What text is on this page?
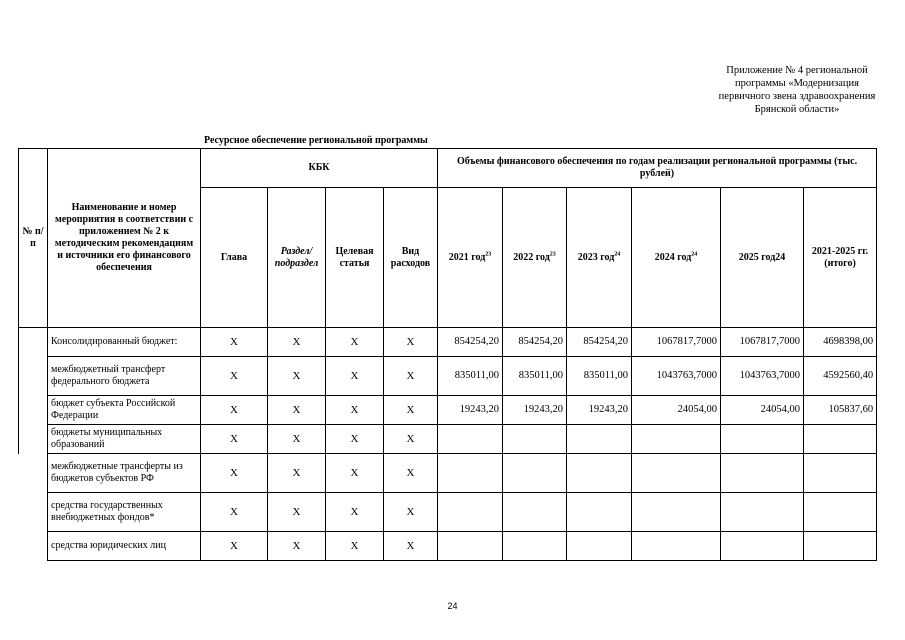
Приложение № 4 региональной программы «Модернизация первичного звена здравоохранения Брянской области»
Ресурсное обеспечение региональной программы
№ п/п	Наименование и номер мероприятия в соответствии с приложением № 2 к методическим рекомендациям и источники его финансового обеспечения	КБК				Объемы финансового обеспечения по годам реализации региональной программы (тыс. рублей)					
		Глава	Раздел/ подраздел	Целевая статья	Вид расходов	2021 год$^{23}$	2022 год$^{23}$	2023 год$^{24}$	2024 год$^{24}$	2025 год24	2021-2025 гг. (итого)
	Консолидированный бюджет:	X	X	X	X	854254,20	854254,20	854254,20	1067817,7000	1067817,7000	4698398,00
	межбюджетный трансферт федерального бюджета	X	X	X	X	835011,00	835011,00	835011,00	1043763,7000	1043763,7000	4592560,40
	бюджет субъекта Российской Федерации	X	X	X	X	19243,20	19243,20	19243,20	24054,00	24054,00	105837,60
	бюджеты муниципальных образований	X	X	X	X						
	межбюджетные трансферты из бюджетов субъектов РФ	X	X	X	X						
	средства государственных внебюджетных фондов*	X	X	X	X						
	средства юридических лиц	X	X	X	X						
24
